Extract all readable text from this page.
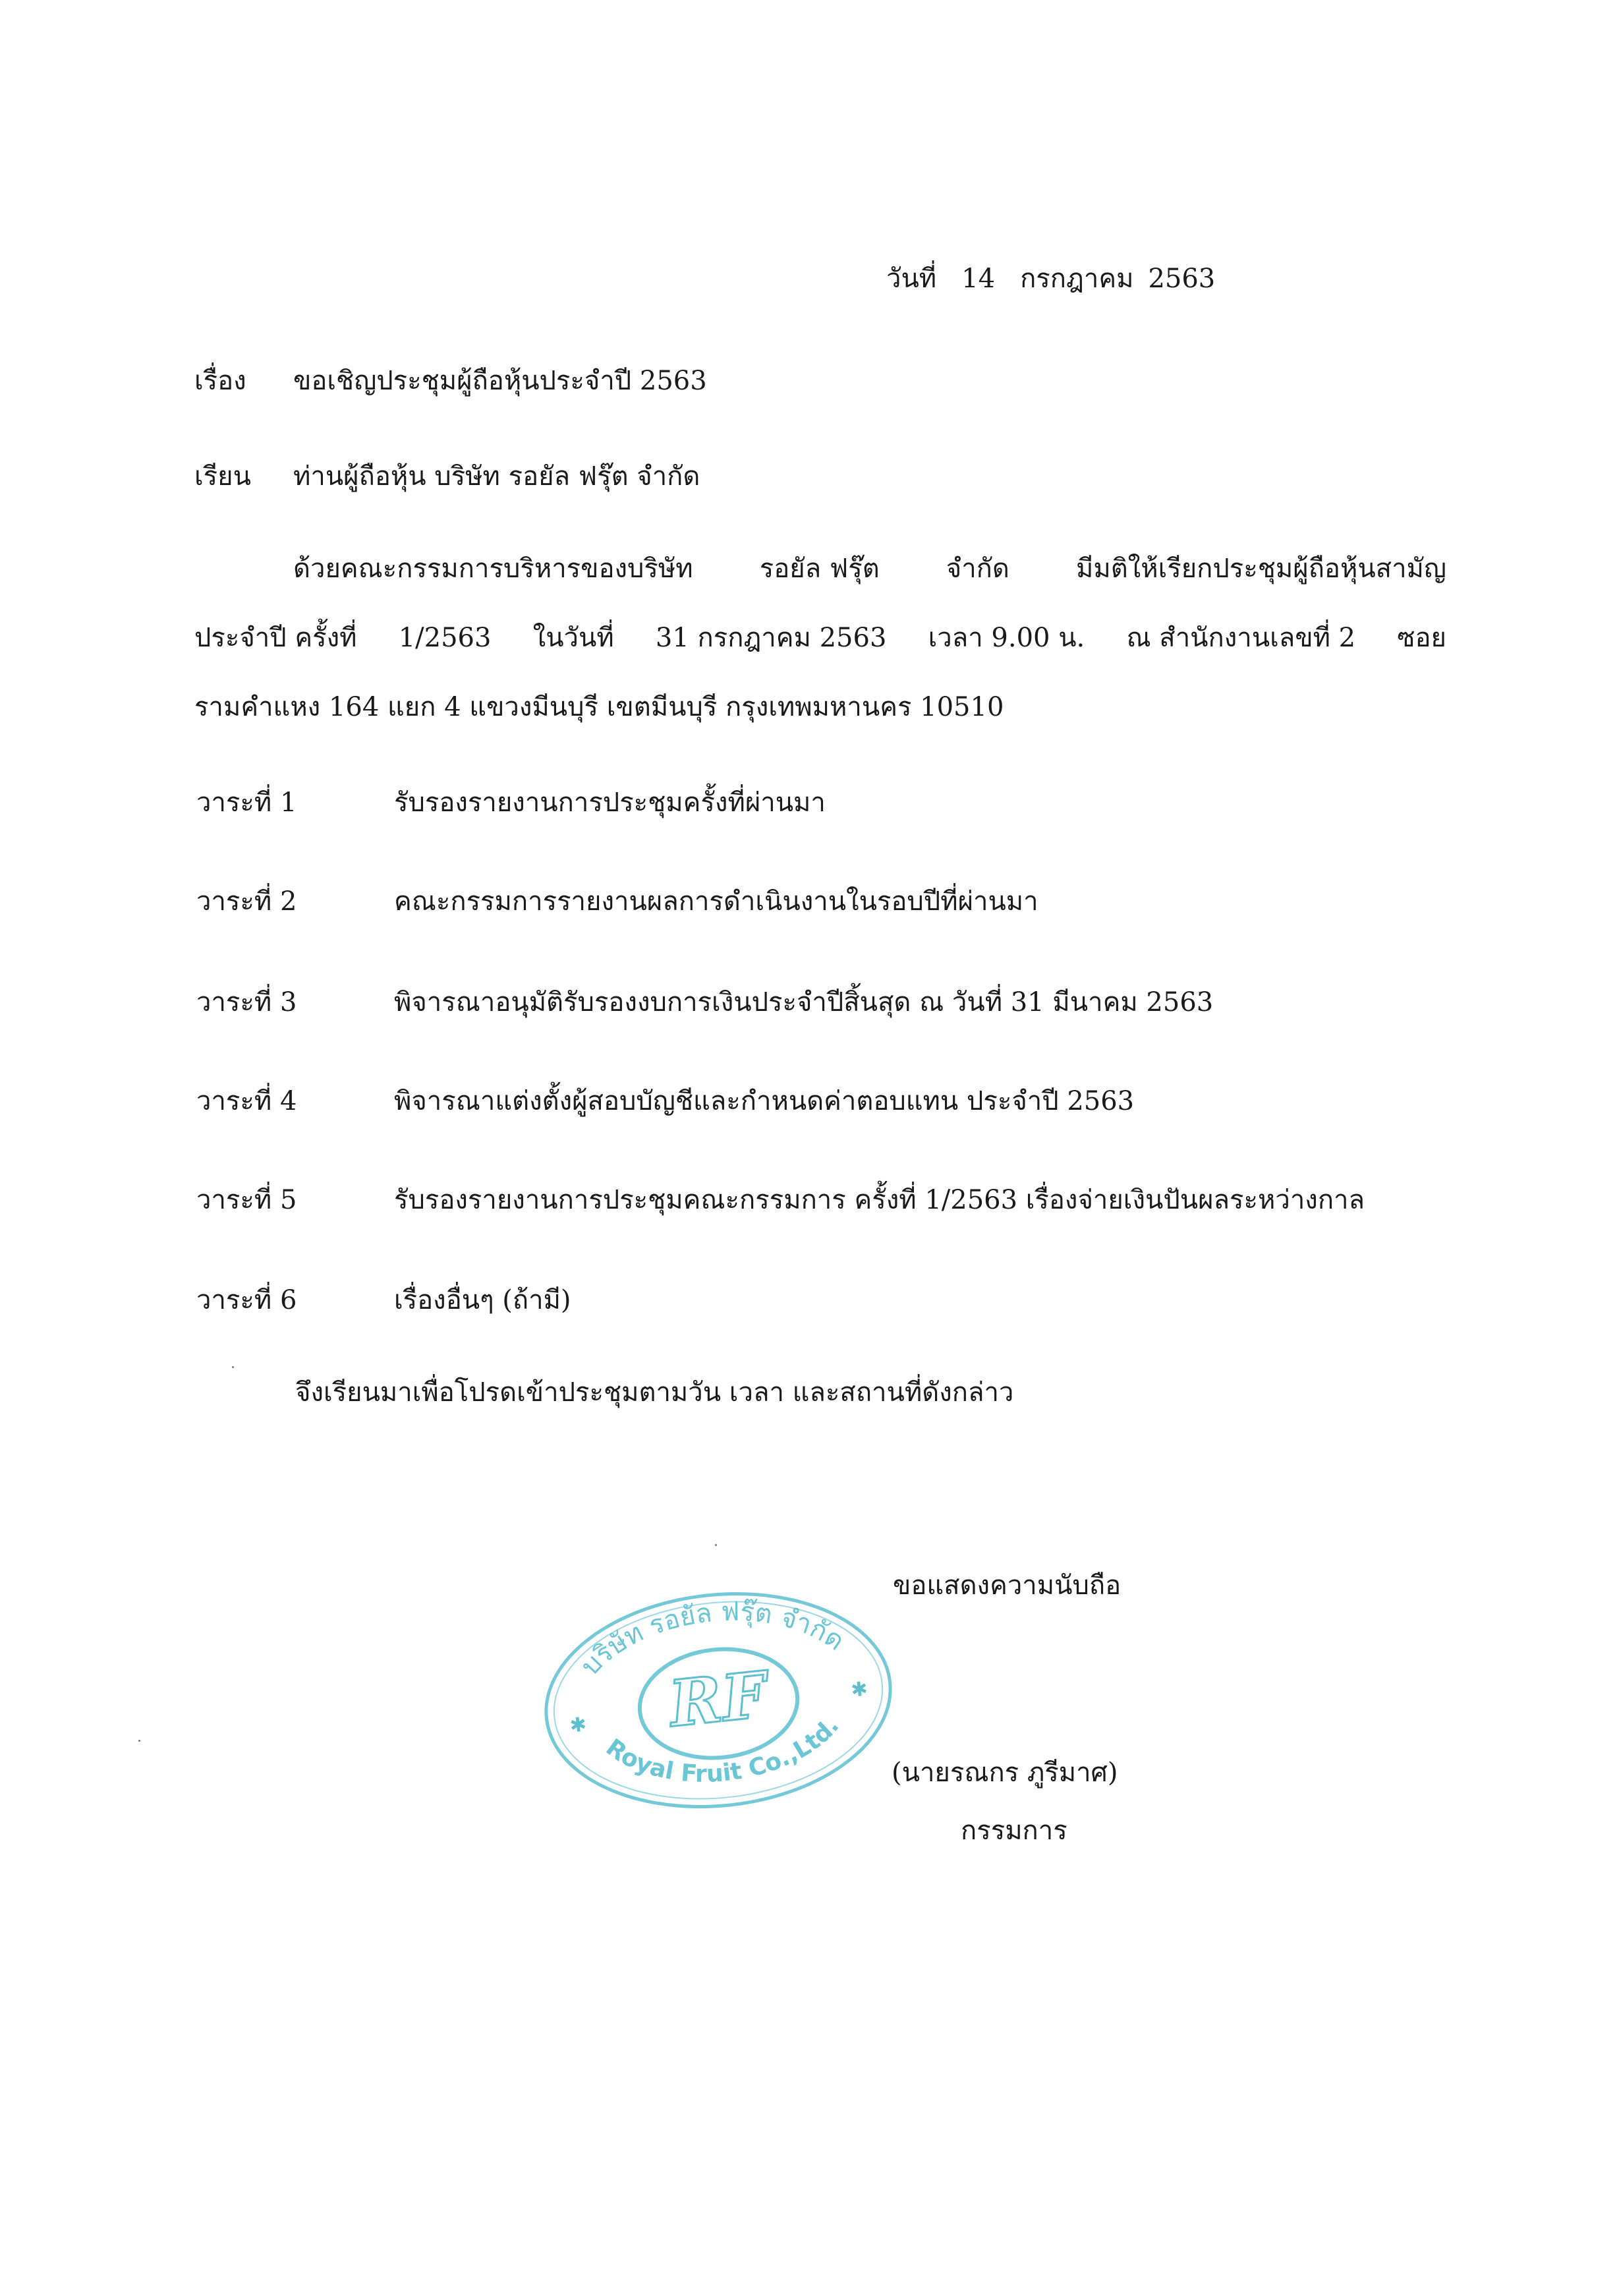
วันที่ 14 กรกฎาคม 2563
เรื่อง ขอเชิญประชุมผู้ถือหุ้นประจำปี 2563
เรียน ท่านผู้ถือหุ้น บริษัท รอยัล ฟรุ๊ต จำกัด
ด้วยคณะกรรมการบริหารของบริษัท	รอยัล ฟรุ๊ต	จำกัด	มีมติให้เรียกประชุมผู้ถือหุ้นสามัญ
ประจำปี ครั้งที่ 1/2563 ในวันที่ 31 กรกฎาคม 2563 เวลา 9.00 น. ณ สำนักงานเลขที่ 2 ซอย
รามคำแหง 164 แยก 4 แขวงมีนบุรี เขตมีนบุรี กรุงเทพมหานคร 10510
วาระที่ 1	รับรองรายงานการประชุมครั้งที่ผ่านมา
วาระที่ 2	คณะกรรมการรายงานผลการดำเนินงานในรอบปีที่ผ่านมา
วาระที่ 3	พิจารณาอนุมัติรับรองงบการเงินประจำปีสิ้นสุด ณ วันที่ 31 มีนาคม 2563
วาระที่ 4	พิจารณาแต่งตั้งผู้สอบบัญชีและกำหนดค่าตอบแทน ประจำปี 2563
วาระที่ 5	รับรองรายงานการประชุมคณะกรรมการ ครั้งที่ 1/2563 เรื่องจ่ายเงินปันผลระหว่างกาล
วาระที่ 6	เรื่องอื่นๆ (ถ้ามี)
จึงเรียนมาเพื่อโปรดเข้าประชุมตามวัน เวลา และสถานที่ดังกล่าว
ขอแสดงความนับถือ
บริษัท รอยัล ฟรุ๊ต จำกัด
Royal Fruit Co.,Ltd.
RF
✱
✱
(นายรณกร ภูรีมาศ)
กรรมการ
